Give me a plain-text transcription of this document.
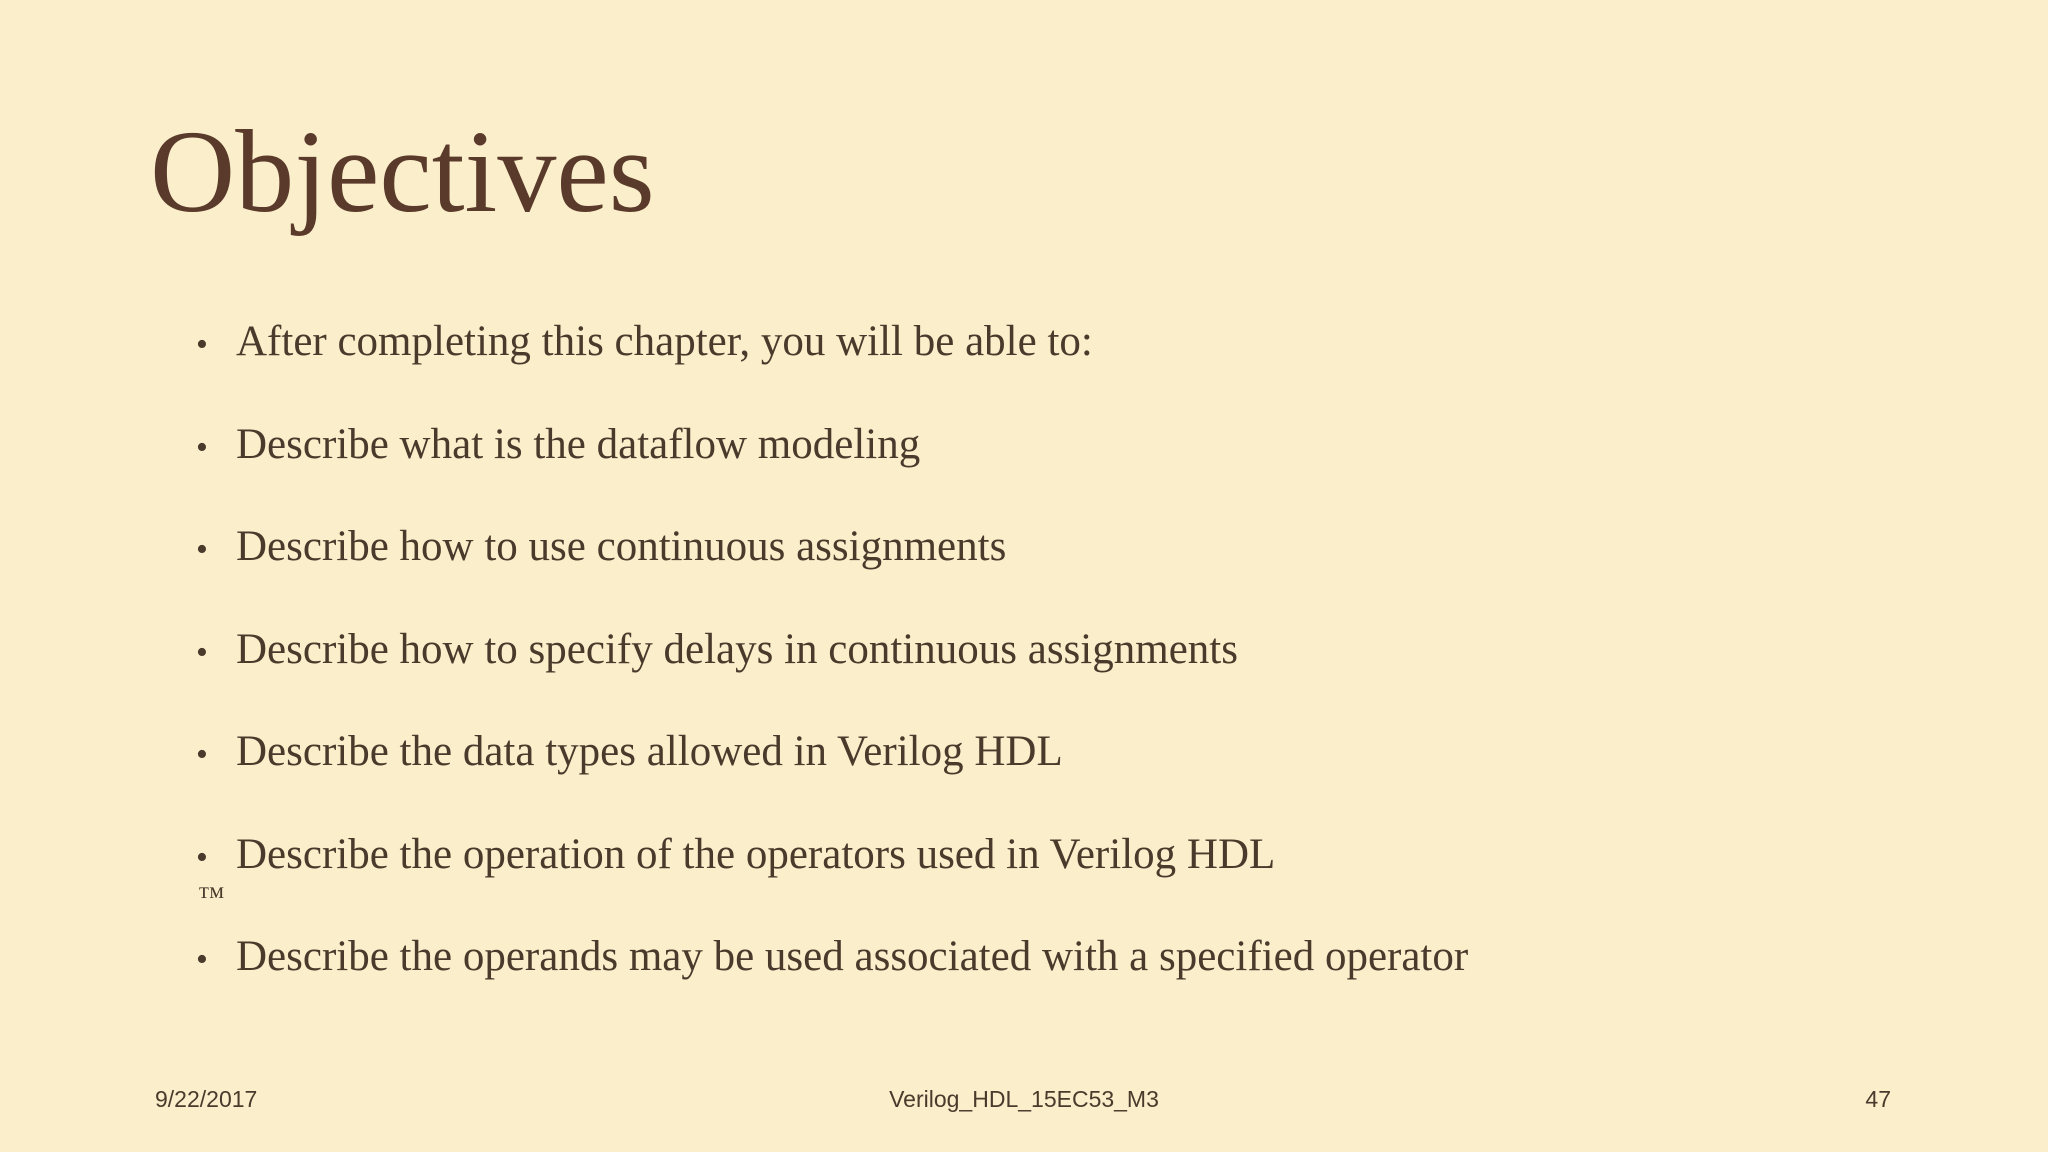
Objectives
• After completing this chapter, you will be able to:
• Describe what is the dataflow modeling
• Describe how to use continuous assignments
• Describe how to specify delays in continuous assignments
• Describe the data types allowed in Verilog HDL
• Describe the operation of the operators used in Verilog HDL
• Describe the operands may be used associated with a specified operator
™
9/22/2017	Verilog_HDL_15EC53_M3	47
